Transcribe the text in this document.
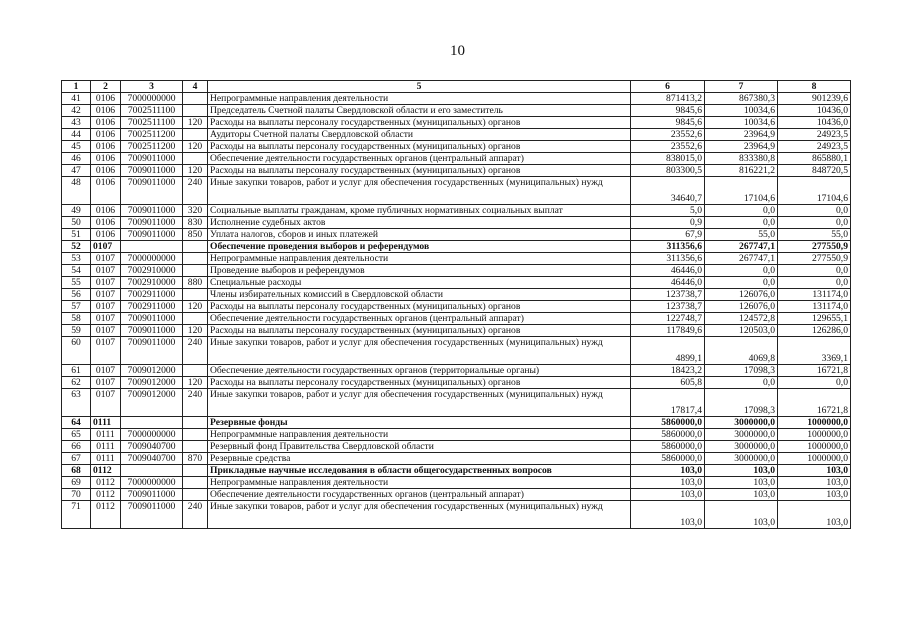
10
1	2	3	4	5	6	7	8
41	0106	7000000000		Непрограммные направления деятельности	871413,2	867380,3	901239,6
42	0106	7002511100		Председатель Счетной палаты Свердловской области и его заместитель	9845,6	10034,6	10436,0
43	0106	7002511100	120	Расходы на выплаты персоналу государственных (муниципальных) органов	9845,6	10034,6	10436,0
44	0106	7002511200		Аудиторы Счетной палаты Свердловской области	23552,6	23964,9	24923,5
45	0106	7002511200	120	Расходы на выплаты персоналу государственных (муниципальных) органов	23552,6	23964,9	24923,5
46	0106	7009011000		Обеспечение деятельности государственных органов (центральный аппарат)	838015,0	833380,8	865880,1
47	0106	7009011000	120	Расходы на выплаты персоналу государственных (муниципальных) органов	803300,5	816221,2	848720,5
48	0106	7009011000	240	Иные закупки товаров, работ и услуг для обеспечения государственных (муниципальных) нужд	34640,7	17104,6	17104,6
49	0106	7009011000	320	Социальные выплаты гражданам, кроме публичных нормативных социальных выплат	5,0	0,0	0,0
50	0106	7009011000	830	Исполнение судебных актов	0,9	0,0	0,0
51	0106	7009011000	850	Уплата налогов, сборов и иных платежей	67,9	55,0	55,0
52	0107			Обеспечение проведения выборов и референдумов	311356,6	267747,1	277550,9
53	0107	7000000000		Непрограммные направления деятельности	311356,6	267747,1	277550,9
54	0107	7002910000		Проведение выборов и референдумов	46446,0	0,0	0,0
55	0107	7002910000	880	Специальные расходы	46446,0	0,0	0,0
56	0107	7002911000		Члены избирательных комиссий в Свердловской области	123738,7	126076,0	131174,0
57	0107	7002911000	120	Расходы на выплаты персоналу государственных (муниципальных) органов	123738,7	126076,0	131174,0
58	0107	7009011000		Обеспечение деятельности государственных органов (центральный аппарат)	122748,7	124572,8	129655,1
59	0107	7009011000	120	Расходы на выплаты персоналу государственных (муниципальных) органов	117849,6	120503,0	126286,0
60	0107	7009011000	240	Иные закупки товаров, работ и услуг для обеспечения государственных (муниципальных) нужд	4899,1	4069,8	3369,1
61	0107	7009012000		Обеспечение деятельности государственных органов (территориальные органы)	18423,2	17098,3	16721,8
62	0107	7009012000	120	Расходы на выплаты персоналу государственных (муниципальных) органов	605,8	0,0	0,0
63	0107	7009012000	240	Иные закупки товаров, работ и услуг для обеспечения государственных (муниципальных) нужд	17817,4	17098,3	16721,8
64	0111			Резервные фонды	5860000,0	3000000,0	1000000,0
65	0111	7000000000		Непрограммные направления деятельности	5860000,0	3000000,0	1000000,0
66	0111	7009040700		Резервный фонд Правительства Свердловской области	5860000,0	3000000,0	1000000,0
67	0111	7009040700	870	Резервные средства	5860000,0	3000000,0	1000000,0
68	0112			Прикладные научные исследования в области общегосударственных вопросов	103,0	103,0	103,0
69	0112	7000000000		Непрограммные направления деятельности	103,0	103,0	103,0
70	0112	7009011000		Обеспечение деятельности государственных органов (центральный аппарат)	103,0	103,0	103,0
71	0112	7009011000	240	Иные закупки товаров, работ и услуг для обеспечения государственных (муниципальных) нужд	103,0	103,0	103,0
